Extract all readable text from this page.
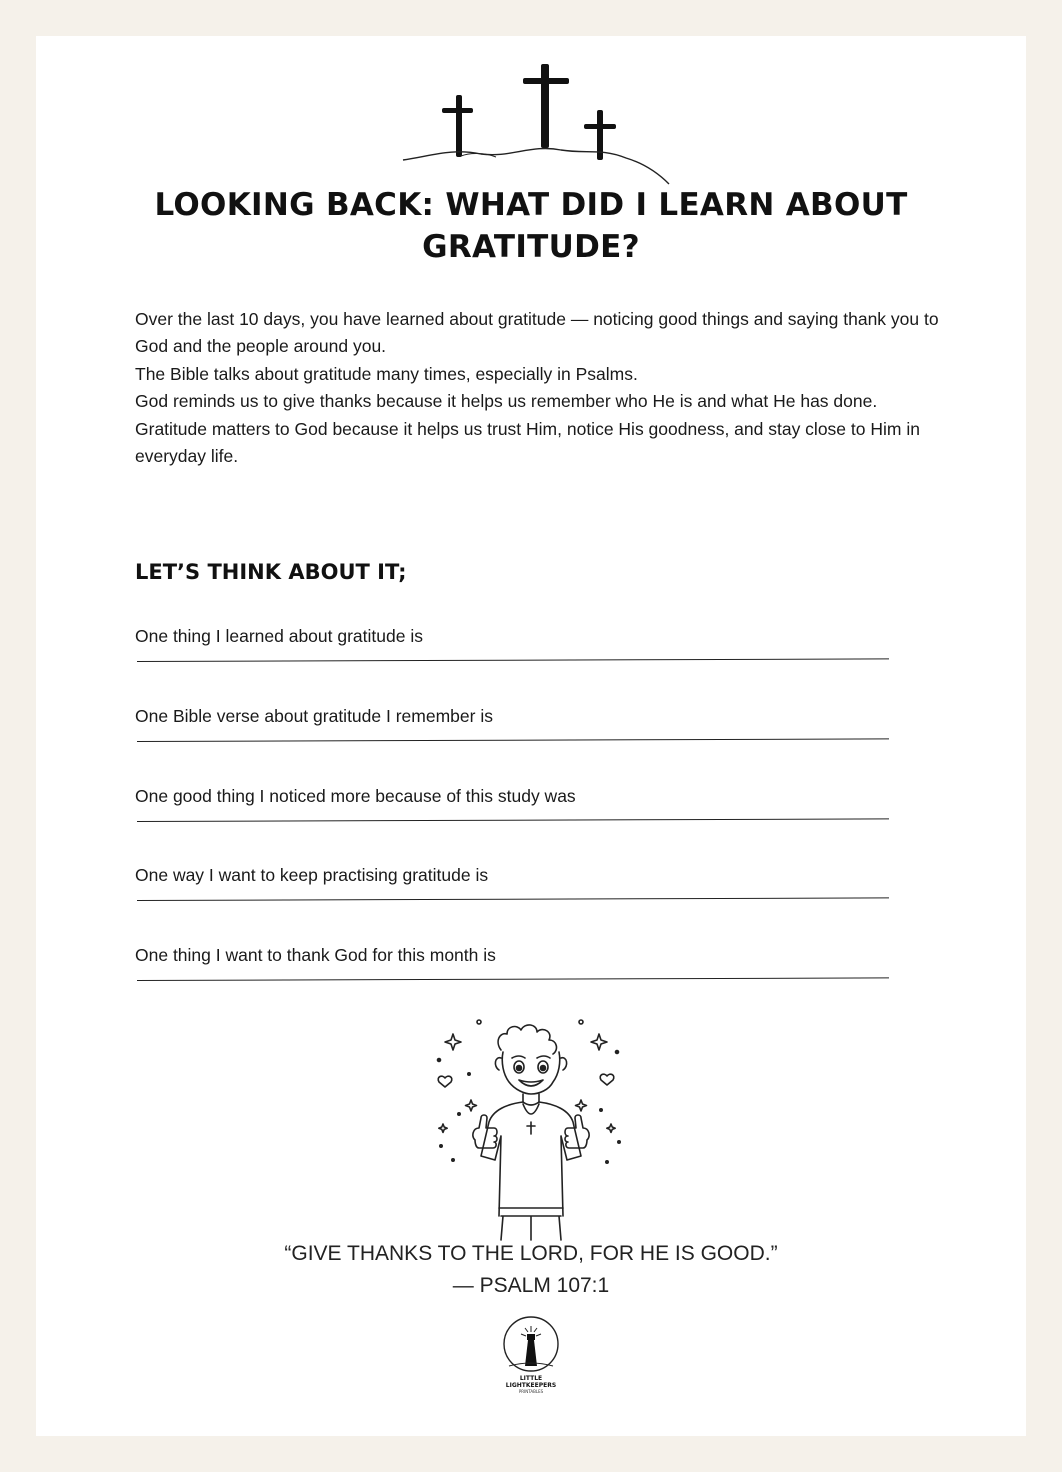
LOOKING BACK: WHAT DID I LEARN ABOUT GRATITUDE?

Over the last 10 days, you have learned about gratitude — noticing good things and saying thank you to God and the people around you.

The Bible talks about gratitude many times, especially in Psalms.

God reminds us to give thanks because it helps us remember who He is and what He has done.

Gratitude matters to God because it helps us trust Him, notice His goodness, and stay close to Him in everyday life.

LET’S THINK ABOUT IT;
One thing I learned about gratitude is
One Bible verse about gratitude I remember is
One good thing I noticed more because of this study was
One way I want to keep practising gratitude is
One thing I want to thank God for this month is
“GIVE THANKS TO THE LORD, FOR HE IS GOOD.”
— PSALM 107:1
LITTLE
LIGHTKEEPERS
PRINTABLES
